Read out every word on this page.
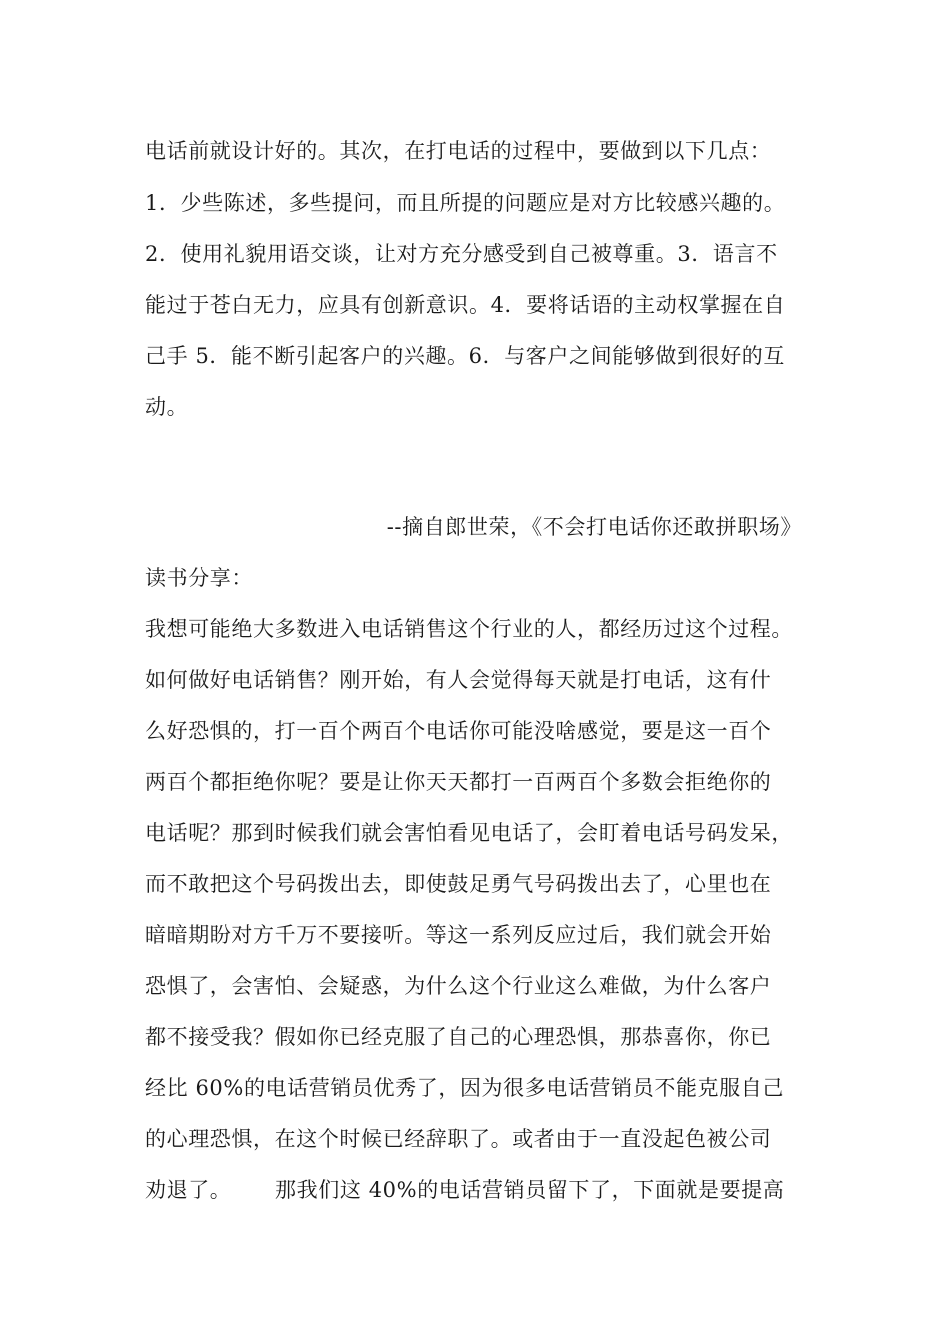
电话前就设计好的。其次，在打电话的过程中，要做到以下几点：
1．少些陈述，多些提问，而且所提的问题应是对方比较感兴趣的。
2．使用礼貌用语交谈，让对方充分感受到自己被尊重。3．语言不
能过于苍白无力，应具有创新意识。4．要将话语的主动权掌握在自
己手 5．能不断引起客户的兴趣。6．与客户之间能够做到很好的互
动。
--摘自郎世荣，《不会打电话你还敢拼职场》
读书分享：
我想可能绝大多数进入电话销售这个行业的人，都经历过这个过程。
如何做好电话销售？刚开始，有人会觉得每天就是打电话，这有什
么好恐惧的，打一百个两百个电话你可能没啥感觉，要是这一百个
两百个都拒绝你呢？要是让你天天都打一百两百个多数会拒绝你的
电话呢？那到时候我们就会害怕看见电话了，会盯着电话号码发呆，
而不敢把这个号码拨出去，即使鼓足勇气号码拨出去了，心里也在
暗暗期盼对方千万不要接听。等这一系列反应过后，我们就会开始
恐惧了，会害怕、会疑惑，为什么这个行业这么难做，为什么客户
都不接受我？假如你已经克服了自己的心理恐惧，那恭喜你，你已
经比 60%的电话营销员优秀了，因为很多电话营销员不能克服自己
的心理恐惧，在这个时候已经辞职了。或者由于一直没起色被公司
劝退了。      那我们这 40%的电话营销员留下了，下面就是要提高
